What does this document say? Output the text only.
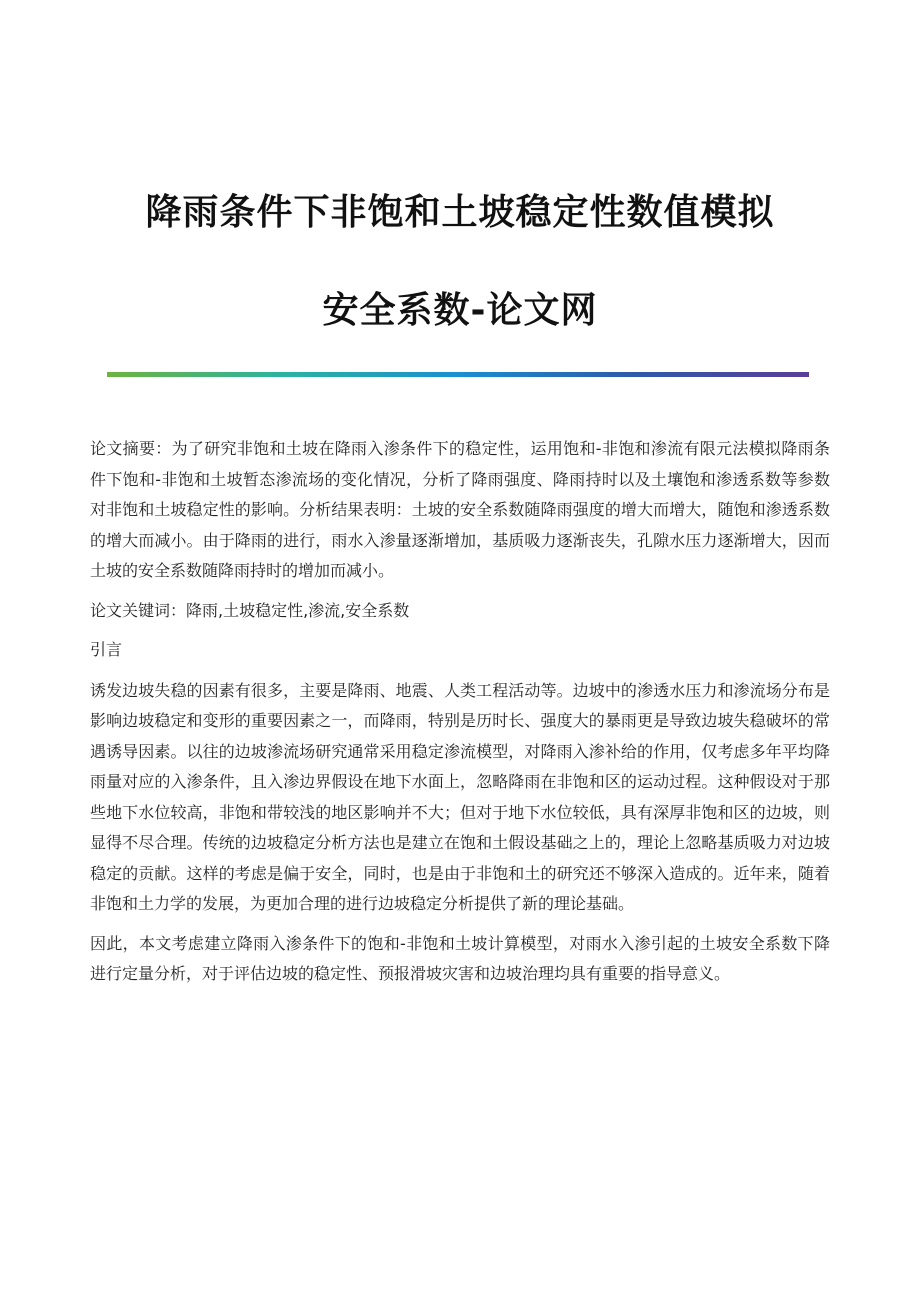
降雨条件下非饱和土坡稳定性数值模拟
安全系数-论文网

论文摘要：为了研究非饱和土坡在降雨入渗条件下的稳定性，运用饱和-非饱和渗流有限元法模拟降雨条件下饱和-非饱和土坡暂态渗流场的变化情况，分析了降雨强度、降雨持时以及土壤饱和渗透系数等参数对非饱和土坡稳定性的影响。分析结果表明：土坡的安全系数随降雨强度的增大而增大，随饱和渗透系数的增大而减小。由于降雨的进行，雨水入渗量逐渐增加，基质吸力逐渐丧失，孔隙水压力逐渐增大，因而土坡的安全系数随降雨持时的增加而减小。

论文关键词：降雨,土坡稳定性,渗流,安全系数

引言

诱发边坡失稳的因素有很多，主要是降雨、地震、人类工程活动等。边坡中的渗透水压力和渗流场分布是影响边坡稳定和变形的重要因素之一，而降雨，特别是历时长、强度大的暴雨更是导致边坡失稳破坏的常遇诱导因素。以往的边坡渗流场研究通常采用稳定渗流模型，对降雨入渗补给的作用，仅考虑多年平均降雨量对应的入渗条件，且入渗边界假设在地下水面上，忽略降雨在非饱和区的运动过程。这种假设对于那些地下水位较高，非饱和带较浅的地区影响并不大；但对于地下水位较低，具有深厚非饱和区的边坡，则显得不尽合理。传统的边坡稳定分析方法也是建立在饱和土假设基础之上的，理论上忽略基质吸力对边坡稳定的贡献。这样的考虑是偏于安全，同时，也是由于非饱和土的研究还不够深入造成的。近年来，随着非饱和土力学的发展，为更加合理的进行边坡稳定分析提供了新的理论基础。

因此，本文考虑建立降雨入渗条件下的饱和-非饱和土坡计算模型，对雨水入渗引起的土坡安全系数下降进行定量分析，对于评估边坡的稳定性、预报滑坡灾害和边坡治理均具有重要的指导意义。
